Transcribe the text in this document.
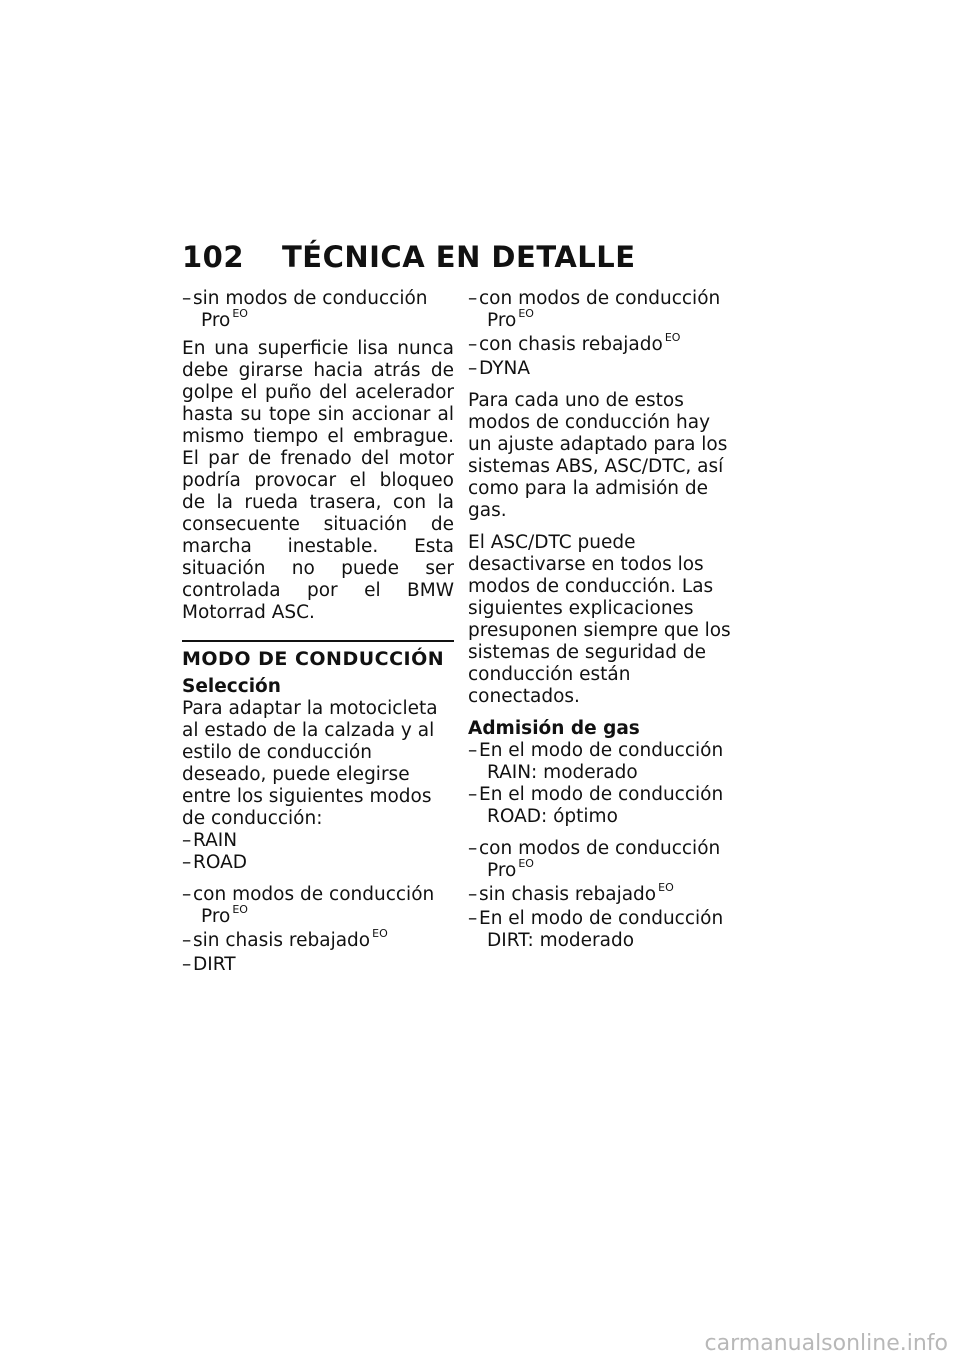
102 TÉCNICA EN DETALLE
– sin modos de conducción
Pro $^{EO}$

En una superficie lisa nunca debe girarse hacia atrás de golpe el puño del acelerador hasta su tope sin accionar al mismo tiempo el embrague. El par de frenado del motor podría provocar el bloqueo de la rueda trasera, con la consecuente situación de marcha inestable. Esta situación no puede ser controlada por el BMW Motorrad ASC.

MODO DE CONDUCCIÓN
Selección

Para adaptar la motocicleta al estado de la calzada y al estilo de conducción deseado, puede elegirse entre los siguientes modos de conducción:

– RAIN
– ROAD
– con modos de conducción
Pro $^{EO}$
– sin chasis rebajado $^{EO}$
– DIRT
– con modos de conducción
Pro $^{EO}$
– con chasis rebajado $^{EO}$
– DYNA

Para cada uno de estos modos de conducción hay un ajuste adaptado para los sistemas ABS, ASC/DTC, así como para la admisión de gas.

El ASC/DTC puede desactivarse en todos los modos de conducción. Las siguientes explicaciones presuponen siempre que los sistemas de seguridad de conducción están conectados.

Admisión de gas
– En el modo de conducción
RAIN: moderado
– En el modo de conducción
ROAD: óptimo
– con modos de conducción
Pro $^{EO}$
– sin chasis rebajado $^{EO}$
– En el modo de conducción
DIRT: moderado
carmanualsonline.info
